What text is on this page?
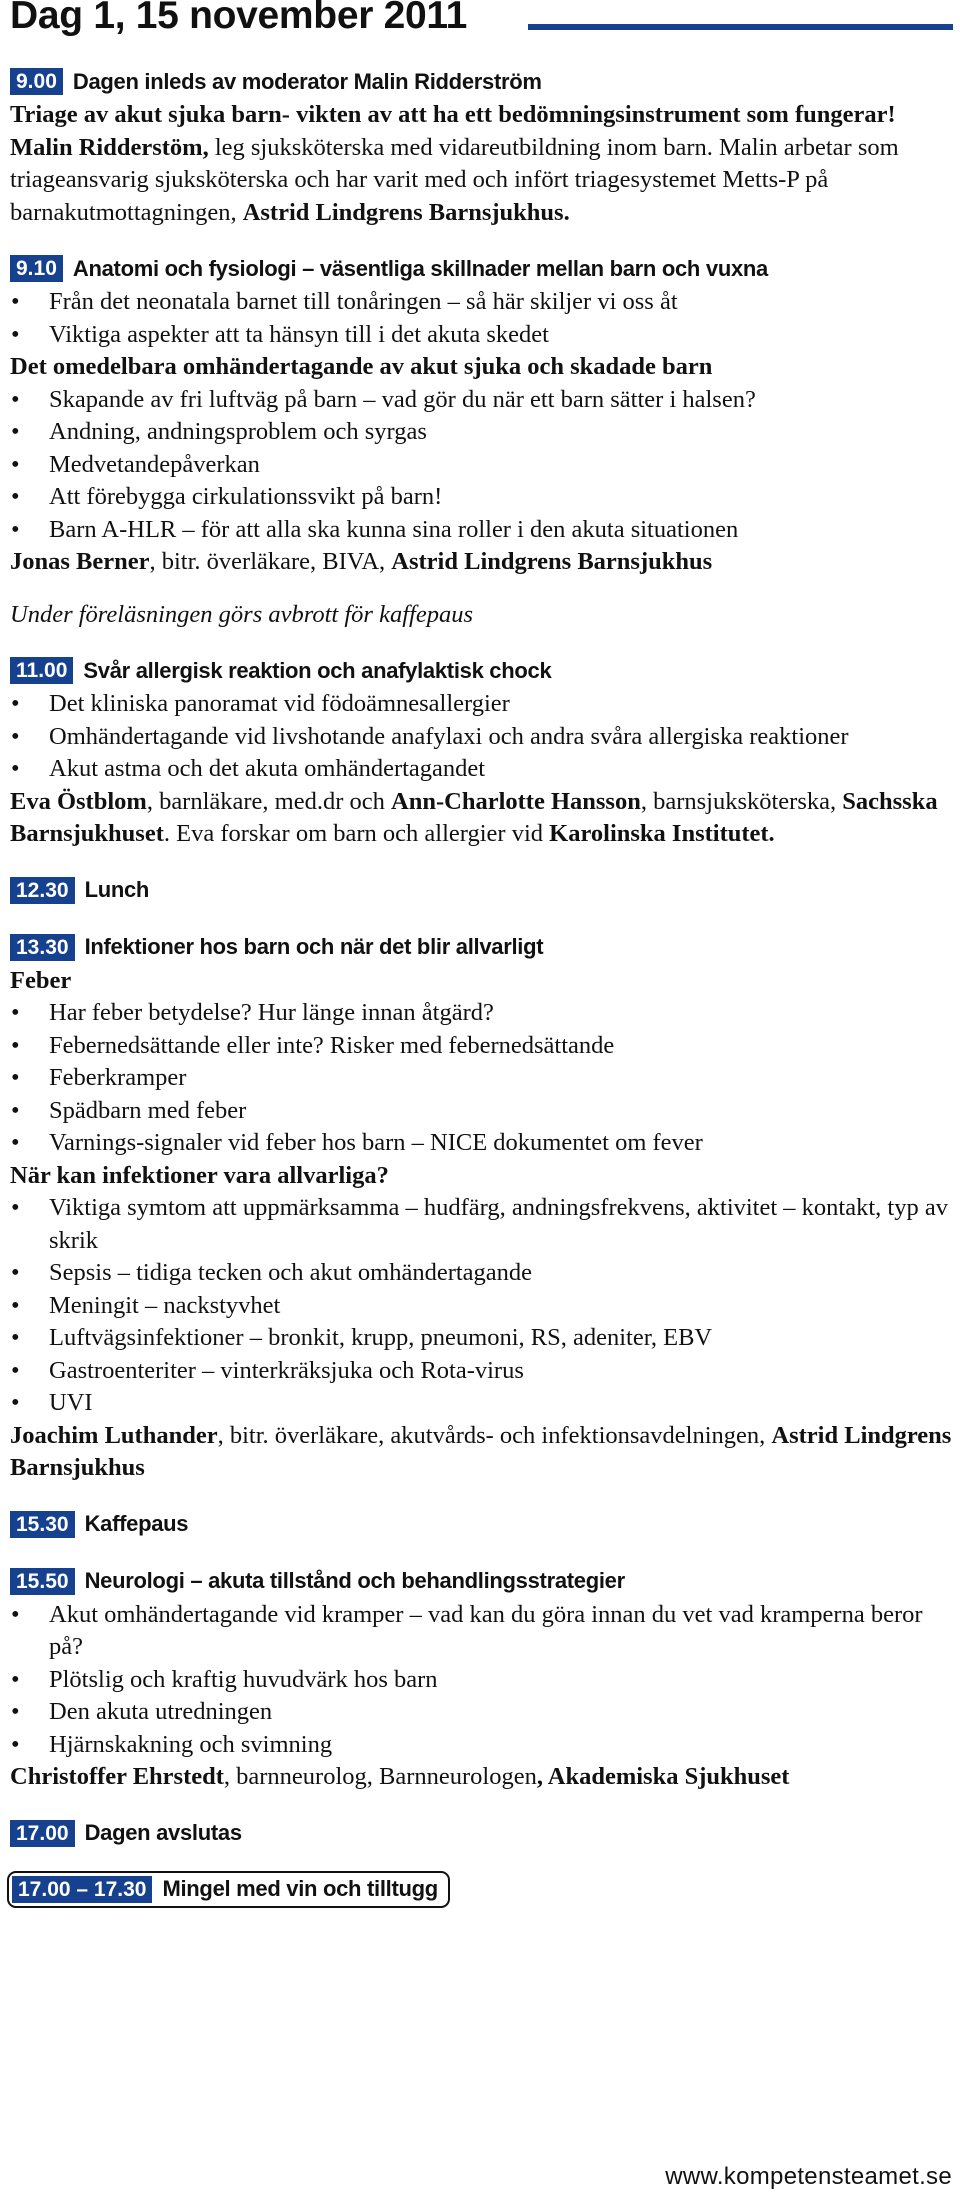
Dag 1, 15 november 2011
9.00 Dagen inleds av moderator Malin Ridderström
Triage av akut sjuka barn- vikten av att ha ett bedömningsinstrument som fungerar!
Malin Ridderstöm, leg sjuksköterska med vidareutbildning inom barn. Malin arbetar som triageansvarig sjuksköterska och har varit med och infört triagesystemet Metts-P på barnakutmottagningen, Astrid Lindgrens Barnsjukhus.
9.10 Anatomi och fysiologi – väsentliga skillnader mellan barn och vuxna
• Från det neonatala barnet till tonåringen – så här skiljer vi oss åt
• Viktiga aspekter att ta hänsyn till i det akuta skedet
Det omedelbara omhändertagande av akut sjuka och skadade barn
• Skapande av fri luftväg på barn – vad gör du när ett barn sätter i halsen?
• Andning, andningsproblem och syrgas
• Medvetandepåverkan
• Att förebygga cirkulationssvikt på barn!
• Barn A-HLR – för att alla ska kunna sina roller i den akuta situationen
Jonas Berner, bitr. överläkare, BIVA, Astrid Lindgrens Barnsjukhus
Under föreläsningen görs avbrott för kaffepaus
11.00 Svår allergisk reaktion och anafylaktisk chock
• Det kliniska panoramat vid födoämnesallergier
• Omhändertagande vid livshotande anafylaxi och andra svåra allergiska reaktioner
• Akut astma och det akuta omhändertagandet
Eva Östblom, barnläkare, med.dr och Ann-Charlotte Hansson, barnsjuksköterska, Sachsska Barnsjukhuset. Eva forskar om barn och allergier vid Karolinska Institutet.
12.30 Lunch
13.30 Infektioner hos barn och när det blir allvarligt
Feber
• Har feber betydelse? Hur länge innan åtgärd?
• Febernedsättande eller inte? Risker med febernedsättande
• Feberkramper
• Spädbarn med feber
• Varnings-signaler vid feber hos barn – NICE dokumentet om fever
När kan infektioner vara allvarliga?
• Viktiga symtom att uppmärksamma – hudfärg, andningsfrekvens, aktivitet – kontakt, typ av skrik
• Sepsis – tidiga tecken och akut omhändertagande
• Meningit – nackstyvhet
• Luftvägsinfektioner – bronkit, krupp, pneumoni, RS, adeniter, EBV
• Gastroenteriter – vinterkräksjuka och Rota-virus
• UVI
Joachim Luthander, bitr. överläkare, akutvårds- och infektionsavdelningen, Astrid Lindgrens Barnsjukhus
15.30 Kaffepaus
15.50 Neurologi – akuta tillstånd och behandlingsstrategier
• Akut omhändertagande vid kramper – vad kan du göra innan du vet vad kramperna beror på?
• Plötslig och kraftig huvudvärk hos barn
• Den akuta utredningen
• Hjärnskakning och svimning
Christoffer Ehrstedt, barnneurolog, Barnneurologen, Akademiska Sjukhuset
17.00 Dagen avslutas
17.00 – 17.30 Mingel med vin och tilltugg
www.kompetensteamet.se
